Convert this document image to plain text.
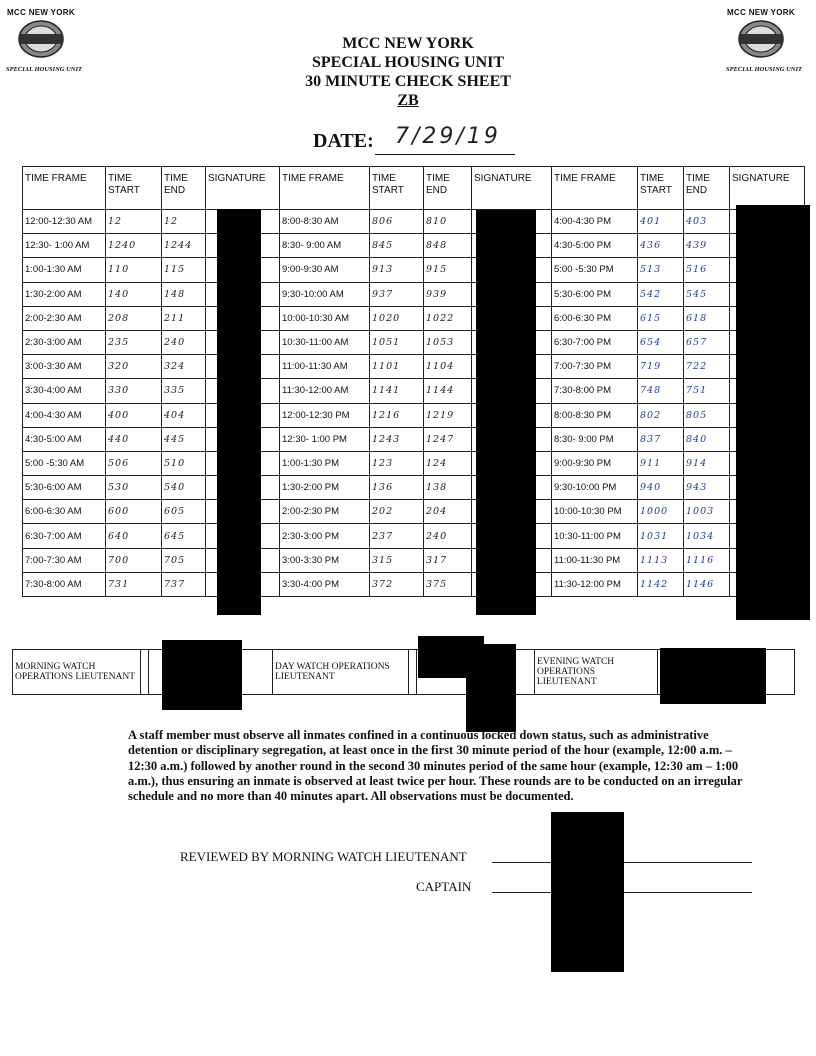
MCC NEW YORK
SPECIAL HOUSING UNIT
MCC NEW YORK
SPECIAL HOUSING UNIT
MCC NEW YORK
SPECIAL HOUSING UNIT
30 MINUTE CHECK SHEET
ZB
DATE: 7/29/19
TIME FRAME	TIME START	TIME END	SIGNATURE	TIME FRAME	TIME START	TIME END	SIGNATURE	TIME FRAME	TIME START	TIME END	SIGNATURE
12:00-12:30 AM	12	12		8:00-8:30 AM	806	810		4:00-4:30 PM	401	403	
12:30- 1:00 AM	1240	1244		8:30- 9:00 AM	845	848		4:30-5:00 PM	436	439	
1:00-1:30 AM	110	115		9:00-9:30 AM	913	915		5:00 -5:30 PM	513	516	
1:30-2:00 AM	140	148		9:30-10:00 AM	937	939		5:30-6:00 PM	542	545	
2:00-2:30 AM	208	211		10:00-10:30 AM	1020	1022		6:00-6:30 PM	615	618	
2:30-3:00 AM	235	240		10:30-11:00 AM	1051	1053		6:30-7:00 PM	654	657	
3:00-3:30 AM	320	324		11:00-11:30 AM	1101	1104		7:00-7:30 PM	719	722	
3:30-4:00 AM	330	335		11:30-12:00 AM	1141	1144		7:30-8:00 PM	748	751	
4:00-4:30 AM	400	404		12:00-12:30 PM	1216	1219		8:00-8:30 PM	802	805	
4:30-5:00 AM	440	445		12:30- 1:00 PM	1243	1247		8:30- 9:00 PM	837	840	
5:00 -5:30 AM	506	510		1:00-1:30 PM	123	124		9:00-9:30 PM	911	914	
5:30-6:00 AM	530	540		1:30-2:00 PM	136	138		9:30-10:00 PM	940	943	
6:00-6:30 AM	600	605		2:00-2:30 PM	202	204		10:00-10:30 PM	1000	1003	
6:30-7:00 AM	640	645		2:30-3:00 PM	237	240		10:30-11:00 PM	1031	1034	
7:00-7:30 AM	700	705		3:00-3:30 PM	315	317		11:00-11:30 PM	1113	1116	
7:30-8:00 AM	731	737		3:30-4:00 PM	372	375		11:30-12:00 PM	1142	1146	
MORNING WATCH OPERATIONS LIEUTENANT			DAY WATCH OPERATIONS LIEUTENANT			EVENING WATCH OPERATIONS LIEUTENANT	
A staff member must observe all inmates confined in a continuous locked down status, such as administrative detention or disciplinary segregation, at least once in the first 30 minute period of the hour (example, 12:00 a.m. – 12:30 a.m.) followed by another round in the second 30 minutes period of the same hour (example, 12:30 am – 1:00 a.m.), thus ensuring an inmate is observed at least twice per hour. These rounds are to be conducted on an irregular schedule and no more than 40 minutes apart. All observations must be documented.
REVIEWED BY MORNING WATCH LIEUTENANT
CAPTAIN
